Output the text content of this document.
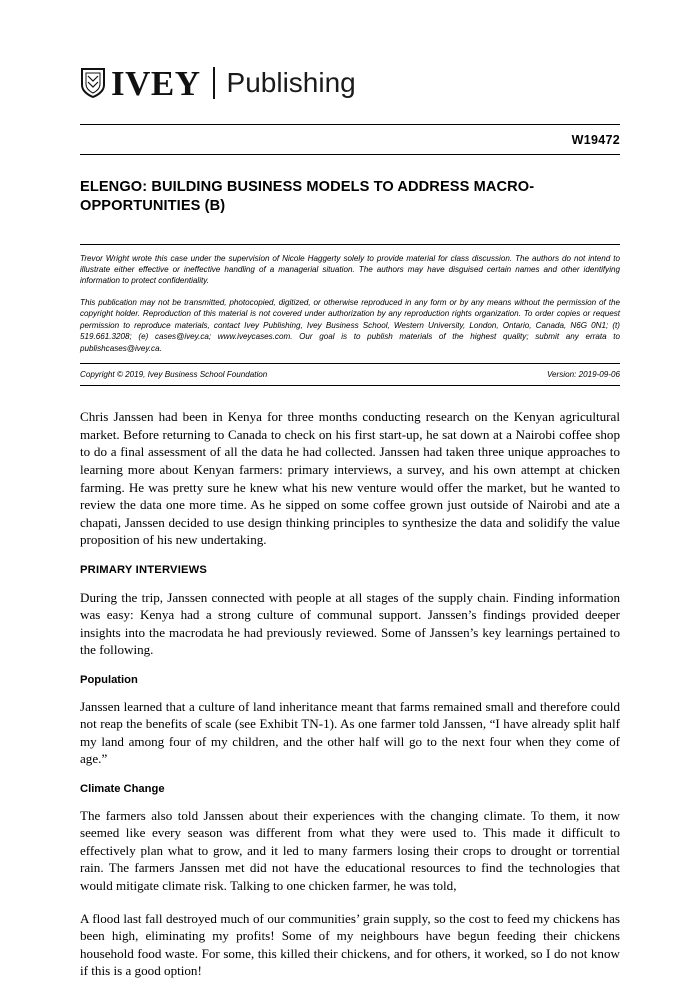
IVEY Publishing
W19472
ELENGO: BUILDING BUSINESS MODELS TO ADDRESS MACRO-OPPORTUNITIES (B)

Trevor Wright wrote this case under the supervision of Nicole Haggerty solely to provide material for class discussion. The authors do not intend to illustrate either effective or ineffective handling of a managerial situation. The authors may have disguised certain names and other identifying information to protect confidentiality.

This publication may not be transmitted, photocopied, digitized, or otherwise reproduced in any form or by any means without the permission of the copyright holder. Reproduction of this material is not covered under authorization by any reproduction rights organization. To order copies or request permission to reproduce materials, contact Ivey Publishing, Ivey Business School, Western University, London, Ontario, Canada, N6G 0N1; (t) 519.661.3208; (e) cases@ivey.ca; www.iveycases.com. Our goal is to publish materials of the highest quality; submit any errata to publishcases@ivey.ca.

Copyright © 2019, Ivey Business School Foundation	Version: 2019-09-06

Chris Janssen had been in Kenya for three months conducting research on the Kenyan agricultural market. Before returning to Canada to check on his first start-up, he sat down at a Nairobi coffee shop to do a final assessment of all the data he had collected. Janssen had taken three unique approaches to learning more about Kenyan farmers: primary interviews, a survey, and his own attempt at chicken farming. He was pretty sure he knew what his new venture would offer the market, but he wanted to review the data one more time. As he sipped on some coffee grown just outside of Nairobi and ate a chapati, Janssen decided to use design thinking principles to synthesize the data and solidify the value proposition of his new undertaking.

PRIMARY INTERVIEWS

During the trip, Janssen connected with people at all stages of the supply chain. Finding information was easy: Kenya had a strong culture of communal support. Janssen’s findings provided deeper insights into the macrodata he had previously reviewed. Some of Janssen’s key learnings pertained to the following.

Population

Janssen learned that a culture of land inheritance meant that farms remained small and therefore could not reap the benefits of scale (see Exhibit TN-1). As one farmer told Janssen, “I have already split half my land among four of my children, and the other half will go to the next four when they come of age.”

Climate Change

The farmers also told Janssen about their experiences with the changing climate. To them, it now seemed like every season was different from what they were used to. This made it difficult to effectively plan what to grow, and it led to many farmers losing their crops to drought or torrential rain. The farmers Janssen met did not have the educational resources to find the technologies that would mitigate climate risk. Talking to one chicken farmer, he was told,

A flood last fall destroyed much of our communities’ grain supply, so the cost to feed my chickens has been high, eliminating my profits! Some of my neighbours have begun feeding their chickens household food waste. For some, this killed their chickens, and for others, it worked, so I do not know if this is a good option!
